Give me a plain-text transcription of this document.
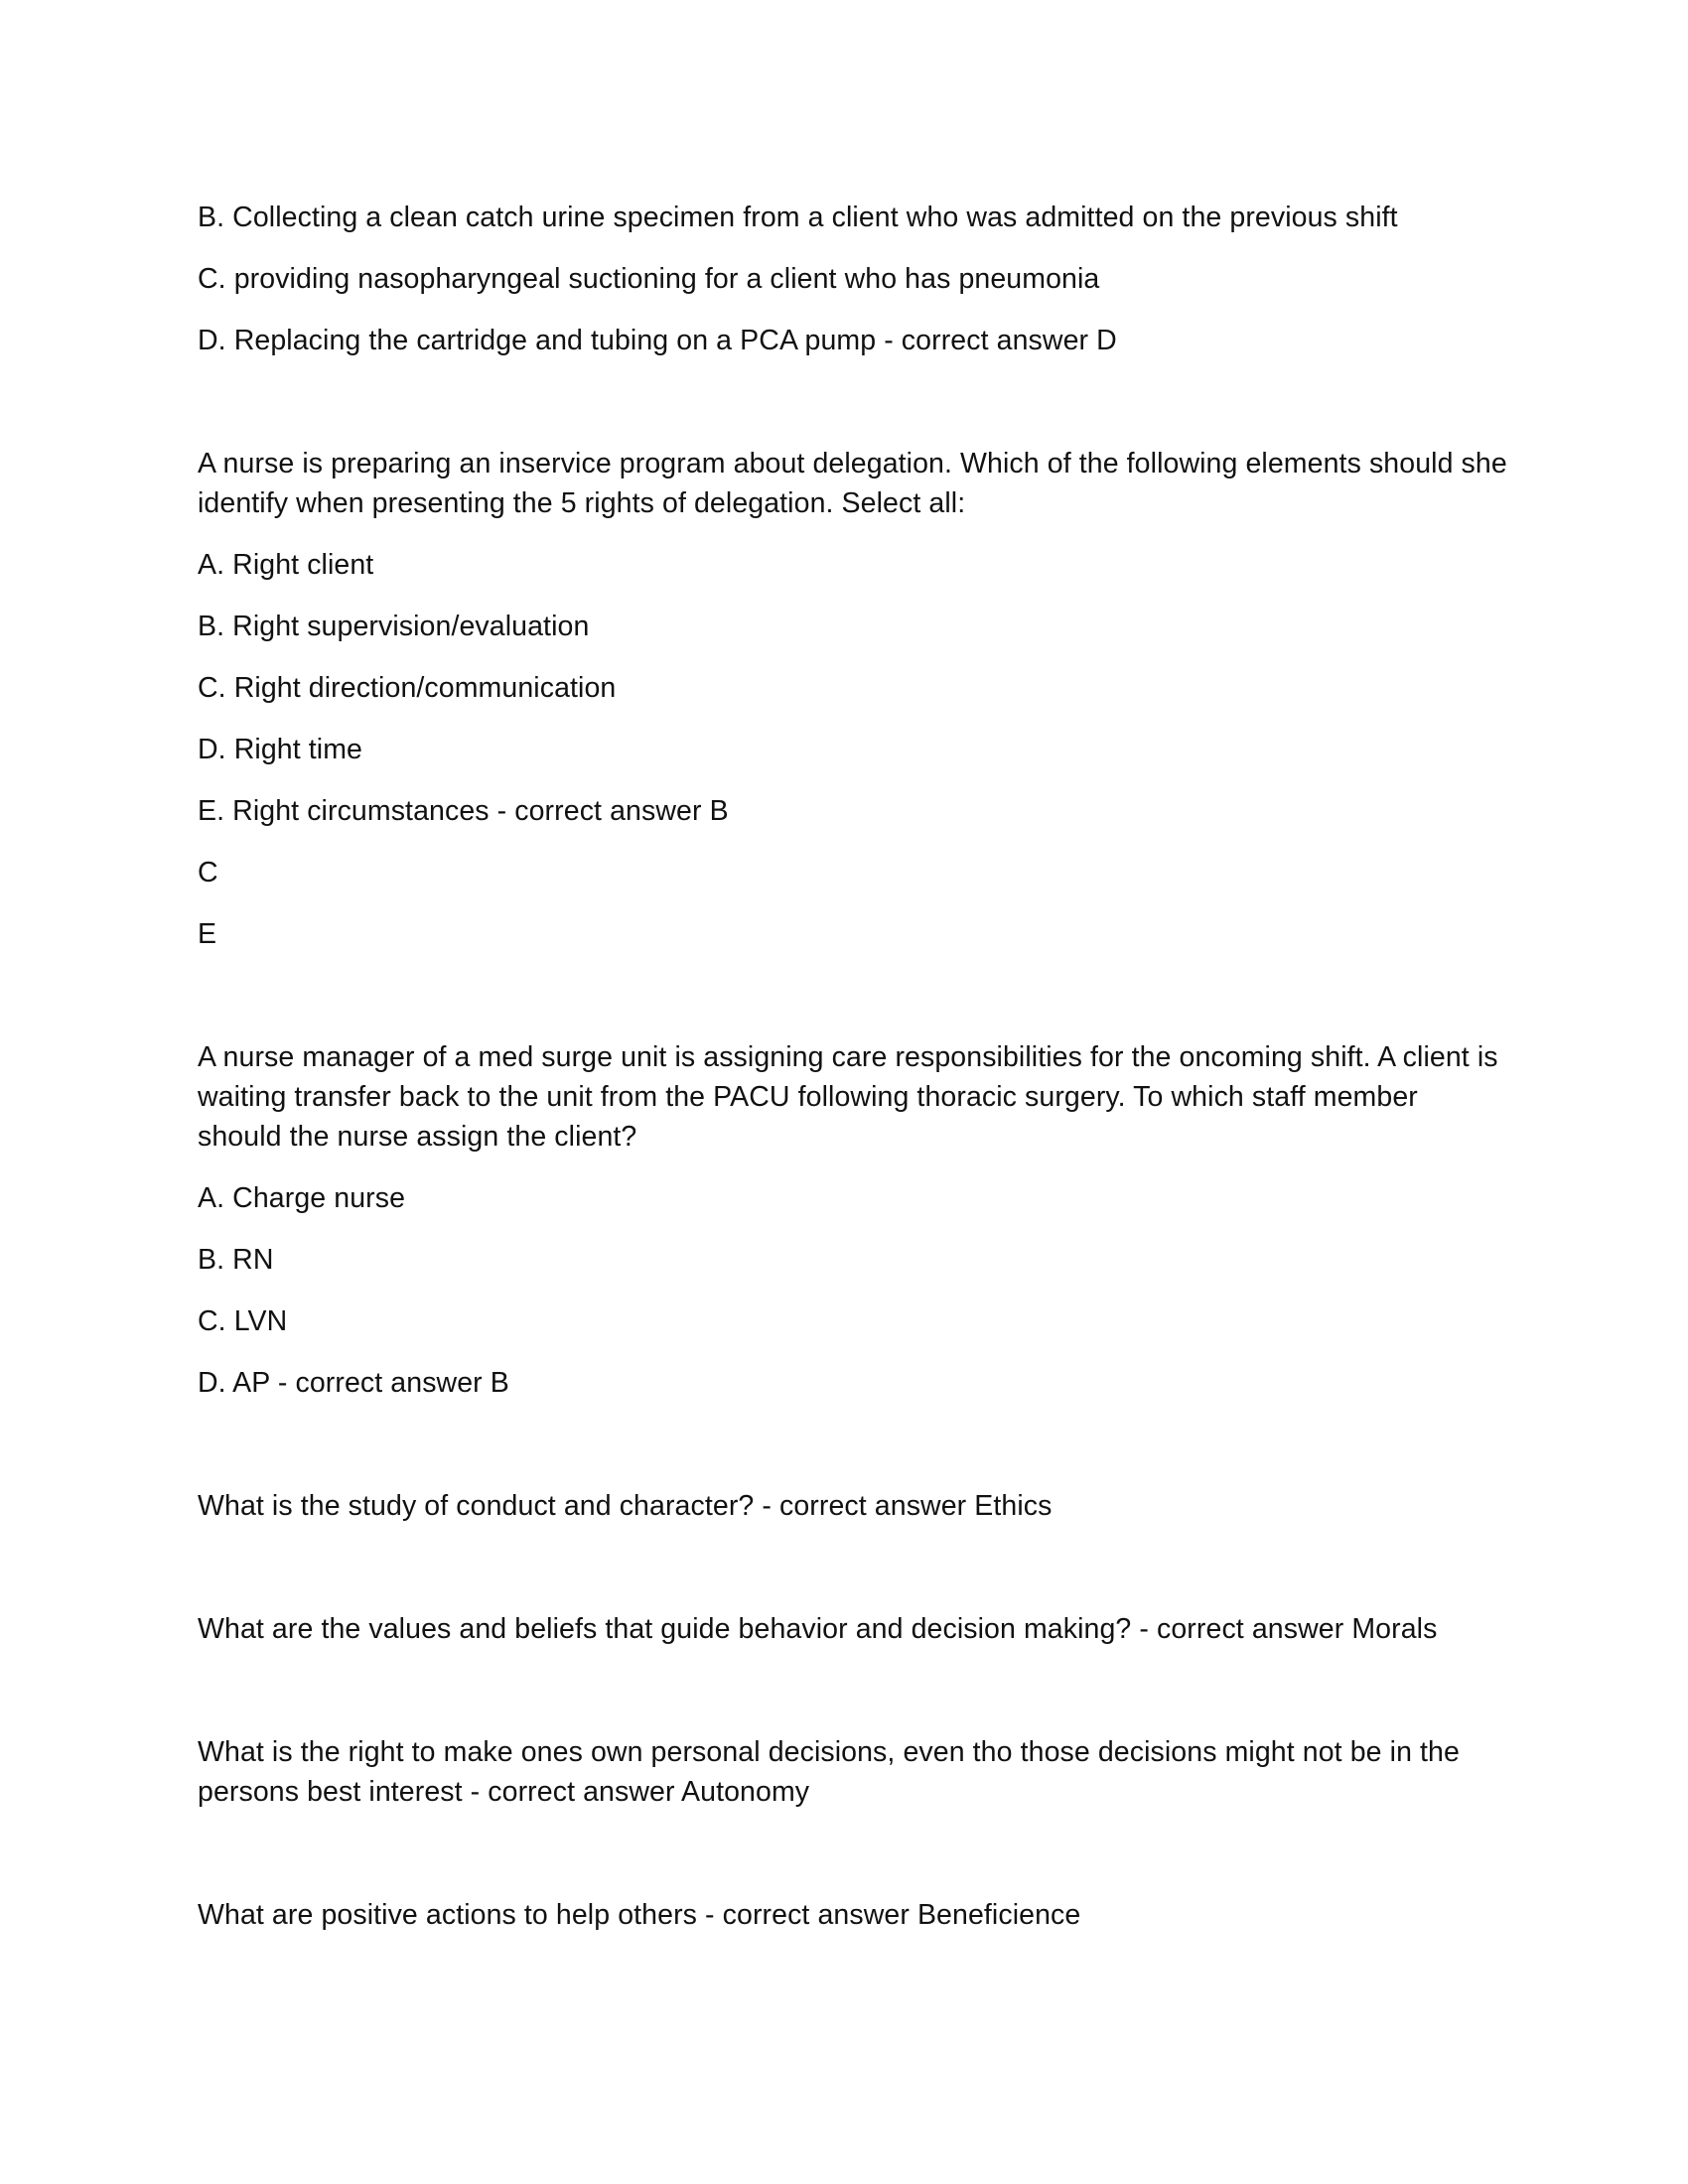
B. Collecting a clean catch urine specimen from a client who was admitted on the previous shift
C. providing nasopharyngeal suctioning for a client who has pneumonia
D. Replacing the cartridge and tubing on a PCA pump - correct answer D
A nurse is preparing an inservice program about delegation. Which of the following elements should she
identify when presenting the 5 rights of delegation. Select all:
A. Right client
B. Right supervision/evaluation
C. Right direction/communication
D. Right time
E. Right circumstances - correct answer B
C
E
A nurse manager of a med surge unit is assigning care responsibilities for the oncoming shift. A client is
waiting transfer back to the unit from the PACU following thoracic surgery. To which staff member
should the nurse assign the client?
A. Charge nurse
B. RN
C. LVN
D. AP - correct answer B
What is the study of conduct and character? - correct answer Ethics
What are the values and beliefs that guide behavior and decision making? - correct answer Morals
What is the right to make ones own personal decisions, even tho those decisions might not be in the
persons best interest - correct answer Autonomy
What are positive actions to help others - correct answer Beneficience
